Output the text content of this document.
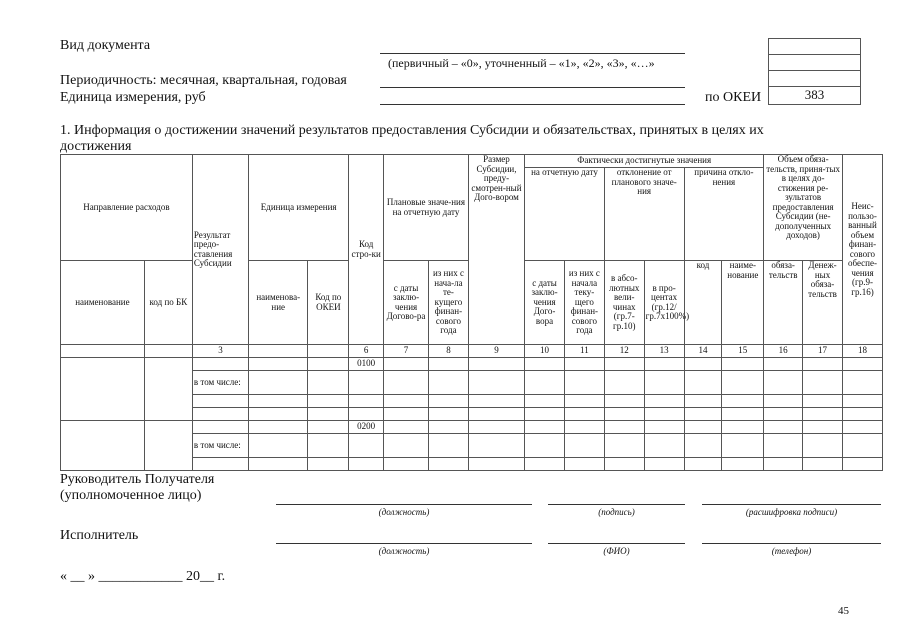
Вид документа
(первичный – «0», уточненный – «1», «2», «3», «…»
Периодичность: месячная, квартальная, годовая
Единица измерения, руб	по ОКЕИ	383
1. Информация о достижении значений результатов предоставления Субсидии и обязательствах, принятых в целях их
достижения
Направление расходов		Результат предо-ставления Субсидии	Единица измерения		Код стро-ки	Плановые значе-ния на отчетную дату		Размер Субсидии, преду-смотрен-ный Дого-вором	Фактически достигнутые значения						Объем обяза-тельств, приня-тых в целях до-стижения ре-зультатов предоставления Субсидии (не-дополученных доходов)		Неис-пользо-ванный объем финан-сового обеспе-чения (гр.9-гр.16)
									на отчетную дату		отклонение от планового значе-ния		причина откло-нения				
наименование	код по БК		наименова-ние	Код по ОКЕИ		с даты заклю-чения Догово-ра	из них с нача-ла те-кущего финан-сового года		с даты заклю-чения Дого-вора	из них с начала теку-щего финан-сового года	в абсо-лютных вели-чинах (гр.7-гр.10)	в про-центах (гр.12/гр.7х100%)	код	наиме-нование	обяза-тельств	Денеж-ных обяза-тельств	
		3			6	7	8	9	10	11	12	13	14	15	16	17	18
					0100												
		в том числе:															

					0200												
		в том числе:															

Руководитель Получателя
(уполномоченное лицо)
(должность)	(подпись)	(расшифровка подписи)
Исполнитель
(должность)	(ФИО)	(телефон)
« __ » ____________ 20__ г.
45
